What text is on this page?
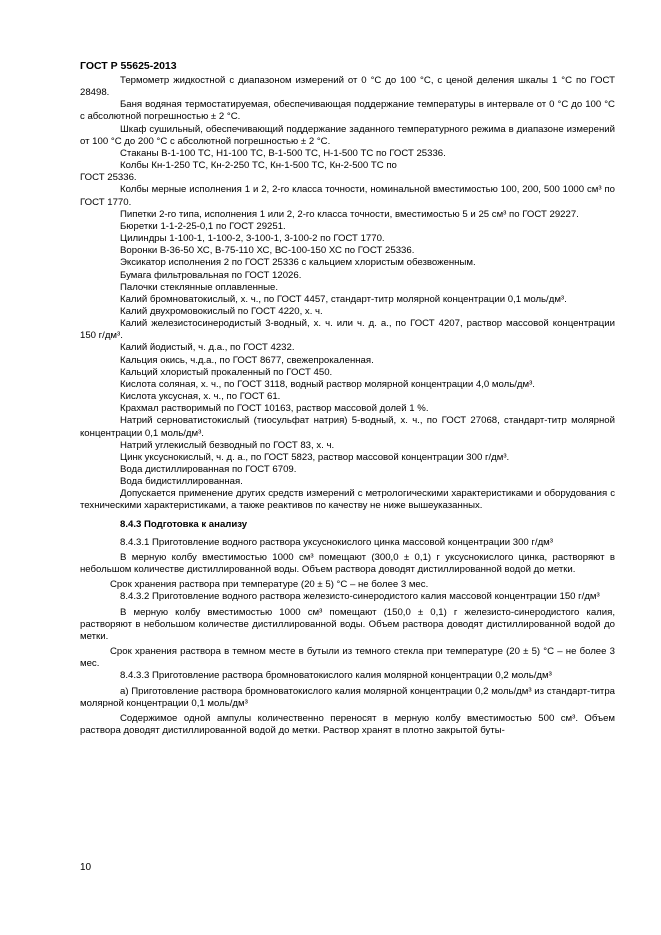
ГОСТ Р 55625-2013

Термометр жидкостной с диапазоном измерений от 0 °С до 100 °С, с ценой деления шкалы 1 °С по ГОСТ 28498.

Баня водяная термостатируемая, обеспечивающая поддержание температуры в интервале от 0 °С до 100 °С с абсолютной погрешностью ± 2 °С.

Шкаф сушильный, обеспечивающий поддержание заданного температурного режима в диапазоне измерений от 100 °С до 200 °С с абсолютной погрешностью ± 2 °С.

Стаканы В-1-100 ТС, Н1-100 ТС, В-1-500 ТС, Н-1-500 ТС по ГОСТ 25336.

Колбы Кн-1-250 ТС, Кн-2-250 ТС, Кн-1-500 ТС, Кн-2-500 ТС по

ГОСТ 25336.

Колбы мерные исполнения 1 и 2, 2-го класса точности, номинальной вместимостью 100, 200, 500 1000 см³ по ГОСТ 1770.

Пипетки 2-го типа, исполнения 1 или 2, 2-го класса точности, вместимостью 5 и 25 см³ по ГОСТ 29227.

Бюретки 1-1-2-25-0,1 по ГОСТ 29251.

Цилиндры 1-100-1, 1-100-2, 3-100-1, 3-100-2 по ГОСТ 1770.

Воронки В-36-50 ХС, В-75-110 ХС, ВС-100-150 ХС по ГОСТ 25336.

Эксикатор исполнения 2 по ГОСТ 25336 с кальцием хлористым обезвоженным.

Бумага фильтровальная по ГОСТ 12026.

Палочки стеклянные оплавленные.

Калий бромноватокислый, х. ч., по ГОСТ 4457, стандарт-титр молярной концентрации 0,1 моль/дм³.

Калий двухромовокислый по ГОСТ 4220, х. ч.

Калий железистосинеродистый 3-водный, х. ч. или ч. д. а., по ГОСТ 4207, раствор массовой концентрации 150 г/дм³.

Калий йодистый, ч. д.а., по ГОСТ 4232.

Кальция окись, ч.д.а., по ГОСТ 8677, свежепрокаленная.

Кальций хлористый прокаленный по ГОСТ 450.

Кислота соляная, х. ч., по ГОСТ 3118, водный раствор молярной концентрации 4,0 моль/дм³.

Кислота уксусная, х. ч., по ГОСТ 61.

Крахмал растворимый по ГОСТ 10163, раствор массовой долей 1 %.

Натрий серноватистокислый (тиосульфат натрия) 5-водный, х. ч., по ГОСТ 27068, стандарт-титр молярной концентрации 0,1 моль/дм³.

Натрий углекислый безводный по ГОСТ 83, х. ч.

Цинк уксуснокислый, ч. д. а., по ГОСТ 5823, раствор массовой концентрации 300 г/дм³.

Вода дистиллированная по ГОСТ 6709.

Вода бидистиллированная.

Допускается применение других средств измерений с метрологическими характеристиками и оборудования с техническими характеристиками, а также реактивов по качеству не ниже вышеуказанных.

8.4.3 Подготовка к анализу

8.4.3.1 Приготовление водного раствора уксуснокислого цинка массовой концентрации 300 г/дм³

В мерную колбу вместимостью 1000 см³ помещают (300,0 ± 0,1) г уксуснокислого цинка, растворяют в небольшом количестве дистиллированной воды. Объем раствора доводят дистиллированной водой до метки.

Срок хранения раствора при температуре (20 ± 5) °С – не более 3 мес.

8.4.3.2 Приготовление водного раствора железисто-синеродистого калия массовой концентрации 150 г/дм³

В мерную колбу вместимостью 1000 см³ помещают (150,0 ± 0,1) г железисто-синеродистого калия, растворяют в небольшом количестве дистиллированной воды. Объем раствора доводят дистиллированной водой до метки.

Срок хранения раствора в темном месте в бутыли из темного стекла при температуре (20 ± 5) °С – не более 3 мес.

8.4.3.3 Приготовление раствора бромноватокислого калия молярной концентрации 0,2 моль/дм³

а) Приготовление раствора бромноватокислого калия молярной концентрации 0,2 моль/дм³ из стандарт-титра молярной концентрации 0,1 моль/дм³

Содержимое одной ампулы количественно переносят в мерную колбу вместимостью 500 см³. Объем раствора доводят дистиллированной водой до метки. Раствор хранят в плотно закрытой буты-

10
